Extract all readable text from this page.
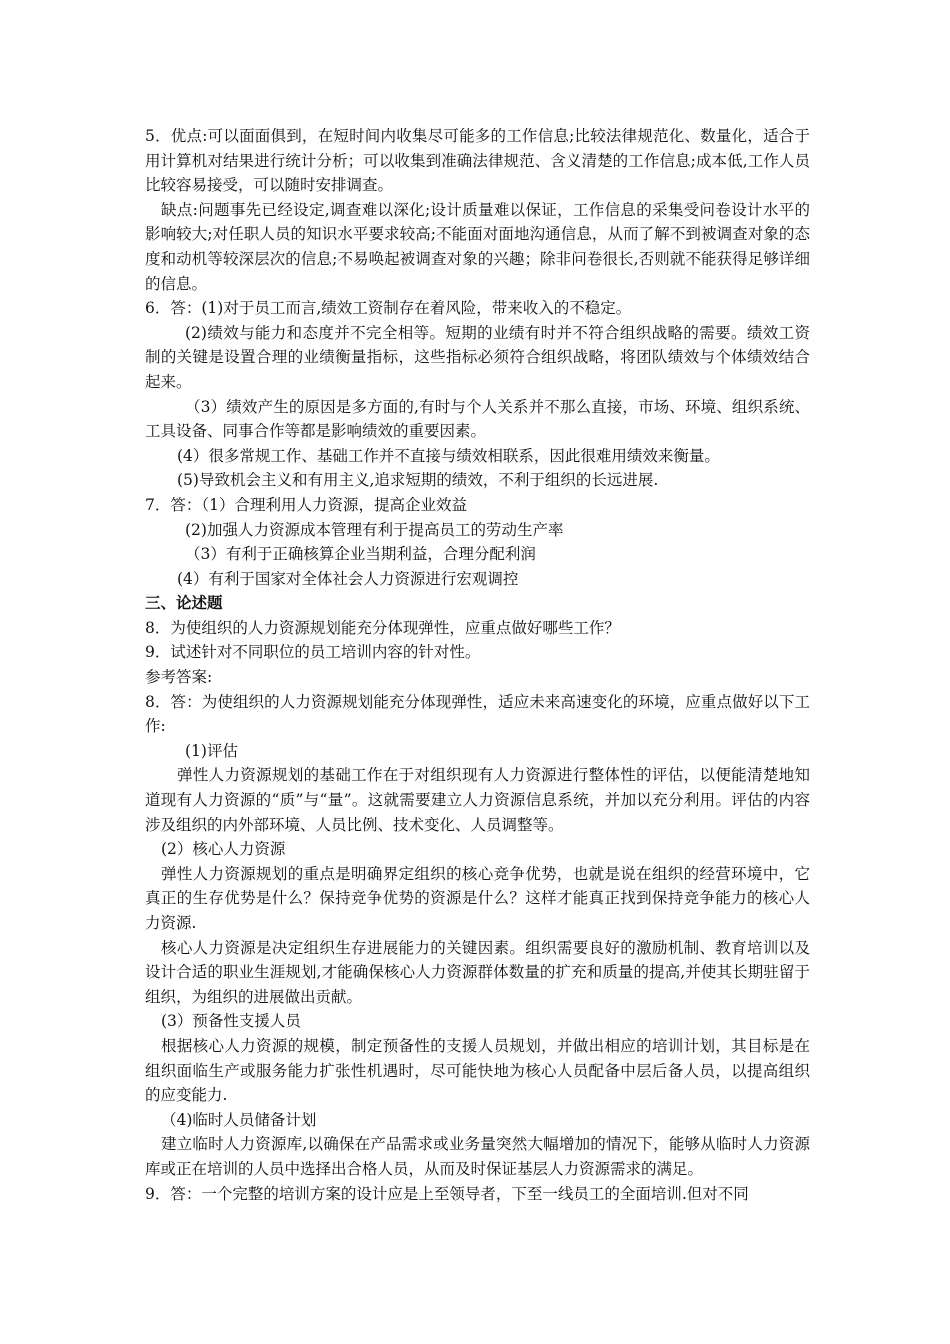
5．优点:可以面面俱到，在短时间内收集尽可能多的工作信息;比较法律规范化、数量化，适合于用计算机对结果进行统计分析；可以收集到准确法律规范、含义清楚的工作信息;成本低,工作人员比较容易接受，可以随时安排调查。

缺点:问题事先已经设定,调查难以深化;设计质量难以保证，工作信息的采集受问卷设计水平的影响较大;对任职人员的知识水平要求较高;不能面对面地沟通信息，从而了解不到被调查对象的态度和动机等较深层次的信息;不易唤起被调查对象的兴趣；除非问卷很长,否则就不能获得足够详细的信息。

6．答：(1)对于员工而言,绩效工资制存在着风险，带来收入的不稳定。

(2)绩效与能力和态度并不完全相等。短期的业绩有时并不符合组织战略的需要。绩效工资制的关键是设置合理的业绩衡量指标，这些指标必须符合组织战略，将团队绩效与个体绩效结合起来。

（3）绩效产生的原因是多方面的,有时与个人关系并不那么直接，市场、环境、组织系统、工具设备、同事合作等都是影响绩效的重要因素。

(4）很多常规工作、基础工作并不直接与绩效相联系，因此很难用绩效来衡量。

(5)导致机会主义和有用主义,追求短期的绩效，不利于组织的长远进展.

7．答：（1）合理利用人力资源，提高企业效益

(2)加强人力资源成本管理有利于提高员工的劳动生产率

（3）有利于正确核算企业当期利益，合理分配利润

(4）有利于国家对全体社会人力资源进行宏观调控

三、论述题

8．为使组织的人力资源规划能充分体现弹性，应重点做好哪些工作？

9．试述针对不同职位的员工培训内容的针对性。

参考答案:

8．答：为使组织的人力资源规划能充分体现弹性，适应未来高速变化的环境，应重点做好以下工作:

(1)评估

弹性人力资源规划的基础工作在于对组织现有人力资源进行整体性的评估，以便能清楚地知道现有人力资源的“质”与“量”。这就需要建立人力资源信息系统，并加以充分利用。评估的内容涉及组织的内外部环境、人员比例、技术变化、人员调整等。

(2）核心人力资源

弹性人力资源规划的重点是明确界定组织的核心竞争优势，也就是说在组织的经营环境中，它真正的生存优势是什么？保持竞争优势的资源是什么？这样才能真正找到保持竞争能力的核心人力资源.

核心人力资源是决定组织生存进展能力的关键因素。组织需要良好的激励机制、教育培训以及设计合适的职业生涯规划,才能确保核心人力资源群体数量的扩充和质量的提高,并使其长期驻留于组织，为组织的进展做出贡献。

(3）预备性支援人员

根据核心人力资源的规模，制定预备性的支援人员规划，并做出相应的培训计划，其目标是在组织面临生产或服务能力扩张性机遇时，尽可能快地为核心人员配备中层后备人员，以提高组织的应变能力.

（4)临时人员储备计划

建立临时人力资源库,以确保在产品需求或业务量突然大幅增加的情况下，能够从临时人力资源库或正在培训的人员中选择出合格人员，从而及时保证基层人力资源需求的满足。

9．答：一个完整的培训方案的设计应是上至领导者，下至一线员工的全面培训.但对不同
